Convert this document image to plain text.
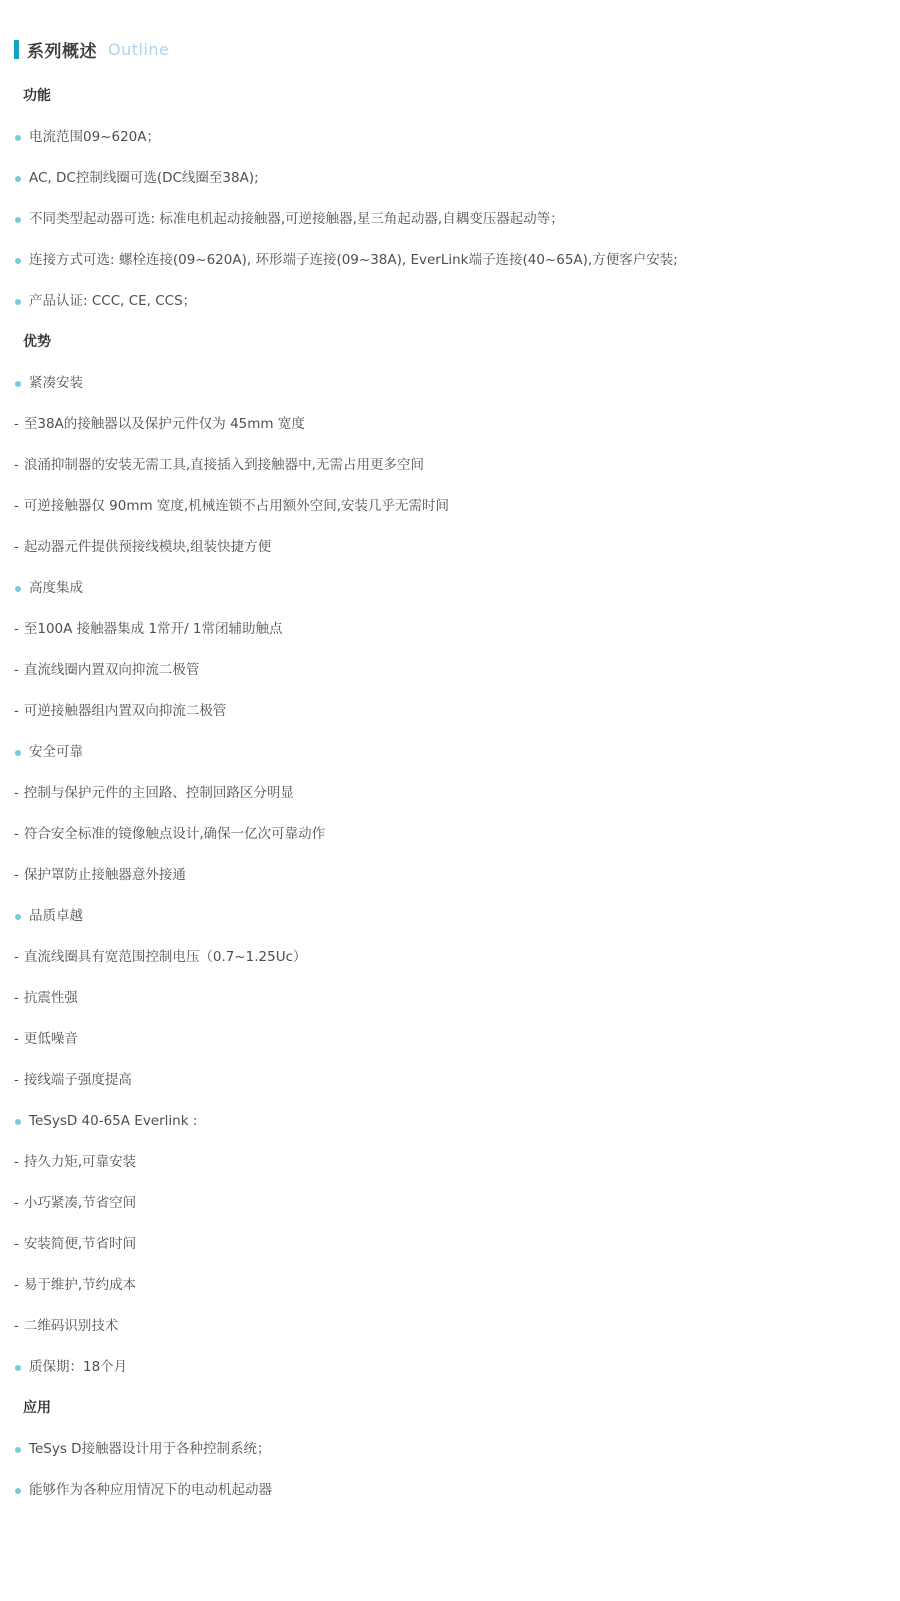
系列概述 Outline
功能
电流范围09~620A；
AC, DC控制线圈可选(DC线圈至38A);
不同类型起动器可选: 标准电机起动接触器,可逆接触器,星三角起动器,自耦变压器起动等；
连接方式可选: 螺栓连接(09~620A), 环形端子连接(09~38A), EverLink端子连接(40~65A),方便客户安装;
产品认证: CCC, CE, CCS；
优势
紧凑安装
- 至38A的接触器以及保护元件仅为 45mm 宽度
- 浪涌抑制器的安装无需工具,直接插入到接触器中,无需占用更多空间
- 可逆接触器仅 90mm 宽度,机械连锁不占用额外空间,安装几乎无需时间
- 起动器元件提供预接线模块,组装快捷方便
高度集成
- 至100A 接触器集成 1常开/ 1常闭辅助触点
- 直流线圈内置双向抑流二极管
- 可逆接触器组内置双向抑流二极管
安全可靠
- 控制与保护元件的主回路、控制回路区分明显
- 符合安全标准的镜像触点设计,确保一亿次可靠动作
- 保护罩防止接触器意外接通
品质卓越
- 直流线圈具有宽范围控制电压（0.7~1.25Uc）
- 抗震性强
- 更低噪音
- 接线端子强度提高
TeSysD 40-65A Everlink :
- 持久力矩,可靠安装
- 小巧紧凑,节省空间
- 安装简便,节省时间
- 易于维护,节约成本
- 二维码识别技术
质保期：18个月
应用
TeSys D接触器设计用于各种控制系统；
能够作为各种应用情况下的电动机起动器
